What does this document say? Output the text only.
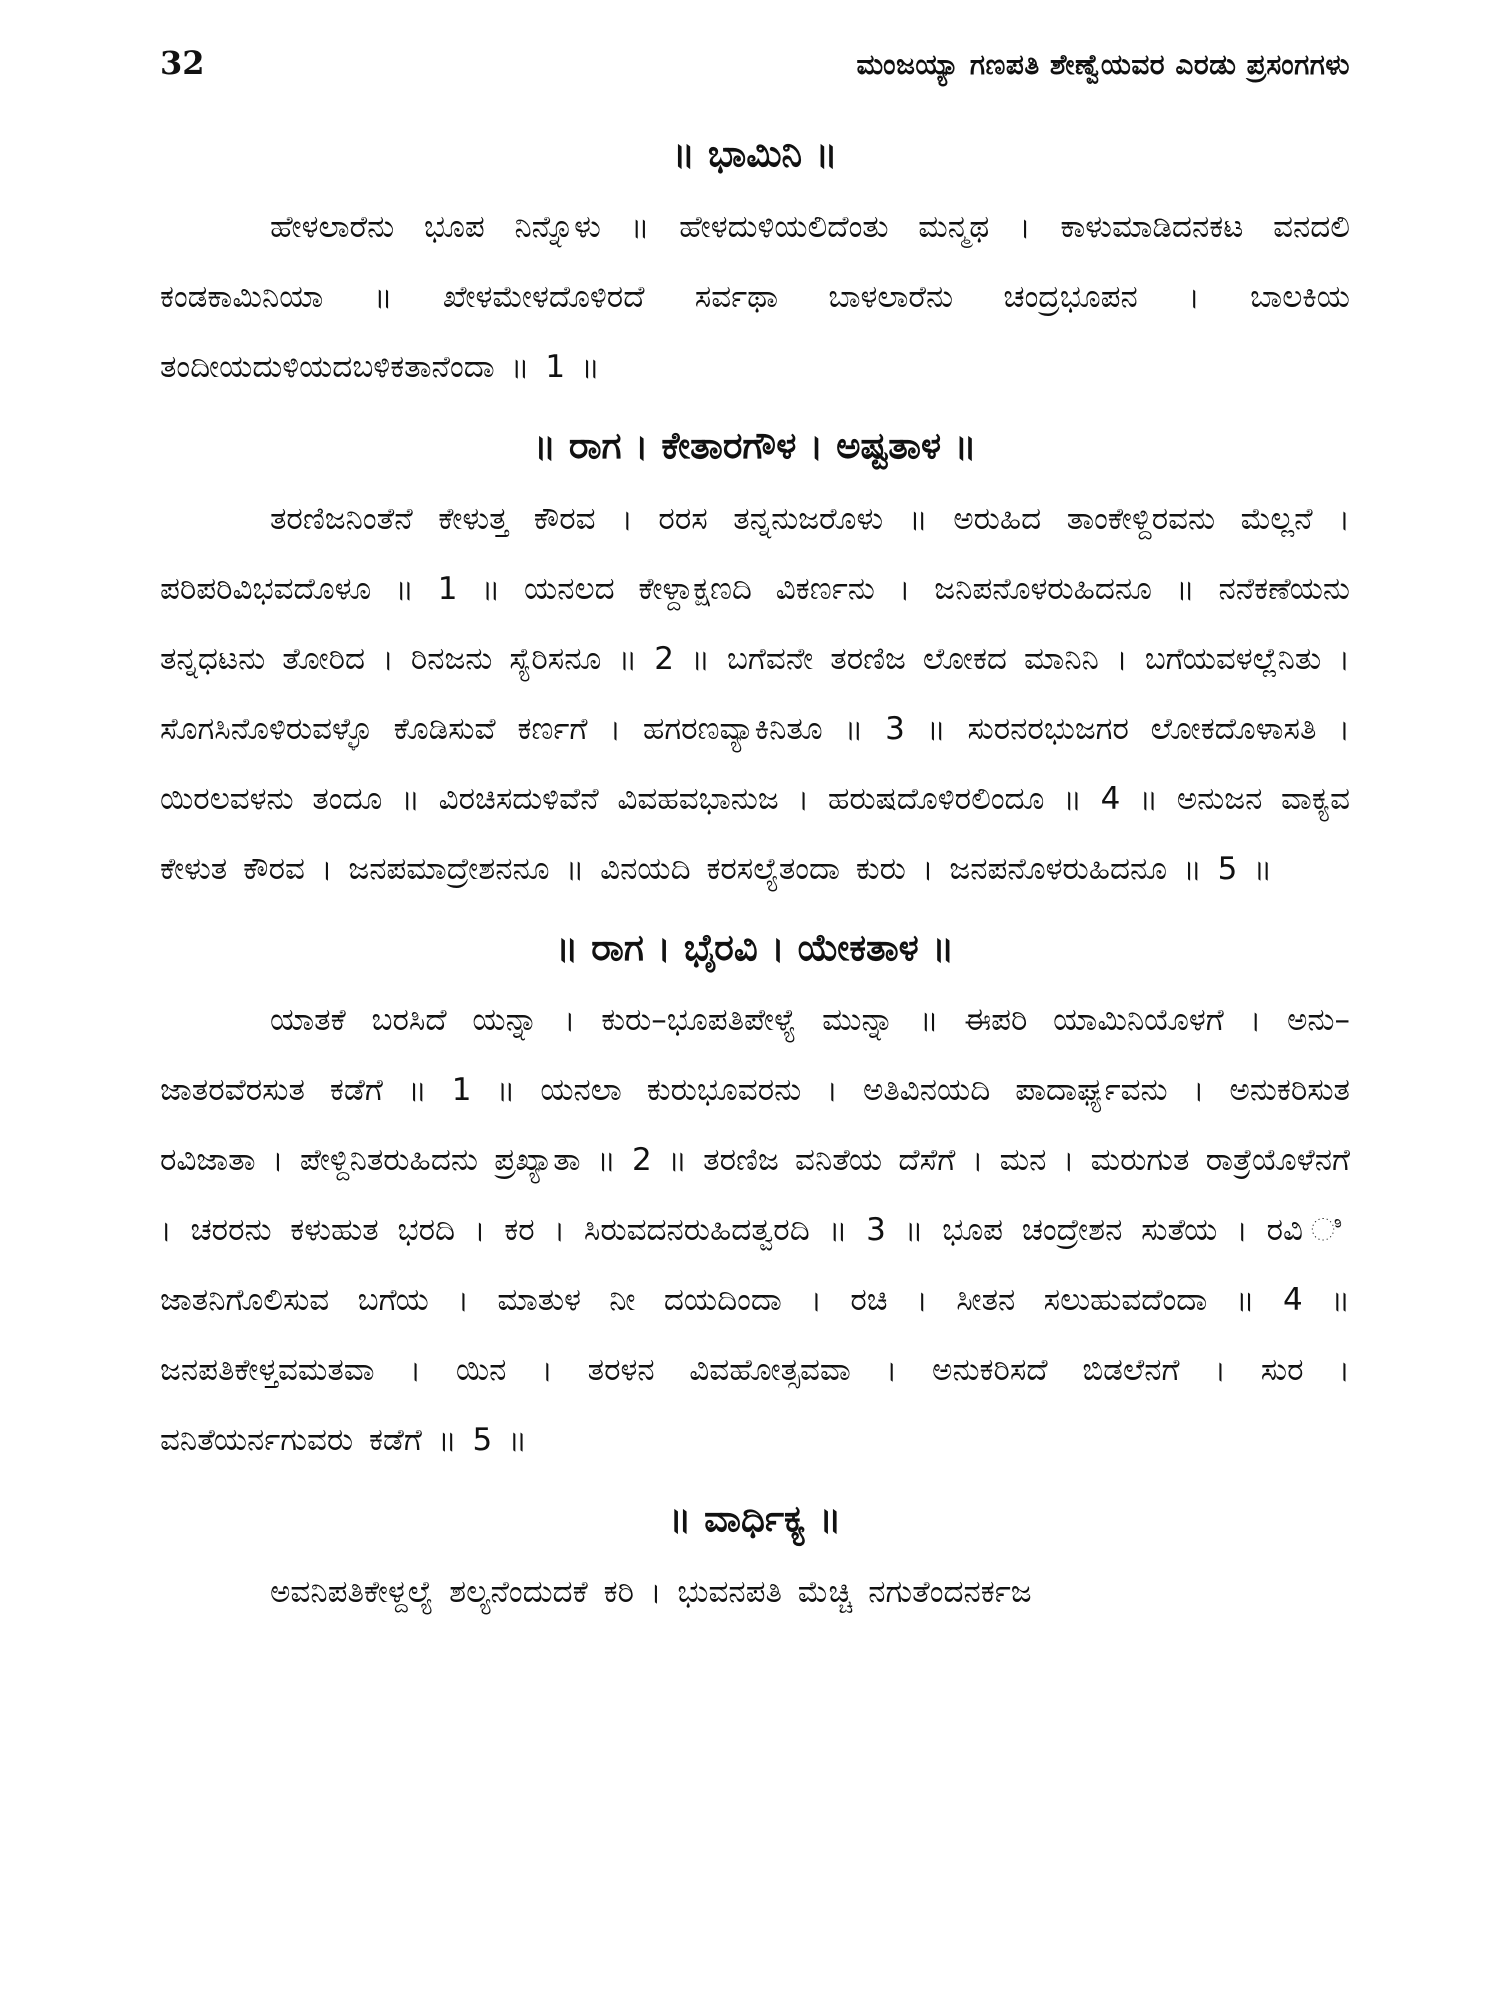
32	ಮಂಜಯ್ಯಾ ಗಣಪತಿ ಶೇಣ್ವೆಯವರ ಎರಡು ಪ್ರಸಂಗಗಳು
॥ ಭಾಮಿನಿ ॥

ಹೇಳಲಾರೆನು ಭೂಪ ನಿನ್ನೊಳು ॥ ಹೇಳದುಳಿಯಲಿದೆಂತು ಮನ್ಮಥ । ಕಾಳುಮಾಡಿದನಕಟ ವನದಲಿ ಕಂಡಕಾಮಿನಿಯಾ ॥ ಖೇಳಮೇಳದೊಳಿರದೆ ಸರ್ವಥಾ ಬಾಳಲಾರೆನು ಚಂದ್ರಭೂಪನ । ಬಾಲಕಿಯ ತಂದೀಯದುಳಿಯದಬಳಿಕತಾನೆಂದಾ ॥ 1 ॥

॥ ರಾಗ । ಕೇತಾರಗೌಳ । ಅಷ್ಟತಾಳ ॥

ತರಣಿಜನಿಂತೆನೆ ಕೇಳುತ್ತ ಕೌರವ । ರರಸ ತನ್ನನುಜರೊಳು ॥ ಅರುಹಿದ ತಾಂಕೇಳ್ದಿರವನು ಮೆಲ್ಲನೆ । ಪರಿಪರಿವಿಭವದೊಳೂ ॥ 1 ॥ ಯನಲದ ಕೇಳ್ದಾಕ್ಷಣದಿ ವಿಕರ್ಣನು । ಜನಿಪನೊಳರುಹಿದನೂ ॥ ನನೆಕಣೆಯನು ತನ್ನಧಟನು ತೋರಿದ । ರಿನಜನು ಸ್ಯೆರಿಸನೂ ॥ 2 ॥ ಬಗೆವನೇ ತರಣಿಜ ಲೋಕದ ಮಾನಿನಿ । ಬಗೆಯವಳಲ್ಲೆನಿತು । ಸೊಗಸಿನೊಳಿರುವಳ್ಳೊ ಕೊಡಿಸುವೆ ಕರ್ಣಗೆ । ಹಗರಣವ್ಯಾಕಿನಿತೂ ॥ 3 ॥ ಸುರನರಭುಜಗರ ಲೋಕದೊಳಾಸತಿ । ಯಿರಲವಳನು ತಂದೂ ॥ ವಿರಚಿಸದುಳಿವೆನೆ ವಿವಹವಭಾನುಜ । ಹರುಷದೊಳಿರಲಿಂದೂ ॥ 4 ॥ ಅನುಜನ ವಾಕ್ಯವ ಕೇಳುತ ಕೌರವ । ಜನಪಮಾದ್ರೇಶನನೂ ॥ ವಿನಯದಿ ಕರಸಲ್ಯೆತಂದಾ ಕುರು । ಜನಪನೊಳರುಹಿದನೂ ॥ 5 ॥

॥ ರಾಗ । ಭೈರವಿ । ಯೇಕತಾಳ ॥

ಯಾತಕೆ ಬರಸಿದೆ ಯನ್ನಾ । ಕುರು–ಭೂಪತಿಪೇಳ್ಯೆ ಮುನ್ನಾ ॥ ಈಪರಿ ಯಾಮಿನಿಯೊಳಗೆ । ಅನು–ಜಾತರವೆರಸುತ ಕಡೆಗೆ ॥ 1 ॥ ಯನಲಾ ಕುರುಭೂವರನು । ಅತಿವಿನಯದಿ ಪಾದಾರ್ಘ್ಯವನು । ಅನುಕರಿಸುತ ರವಿಜಾತಾ । ಪೇಳ್ದಿನಿತರುಹಿದನು ಪ್ರಖ್ಯಾತಾ ॥ 2 ॥ ತರಣಿಜ ವನಿತೆಯ ದೆಸೆಗೆ । ಮನ । ಮರುಗುತ ರಾತ್ರೆಯೊಳೆನಗೆ । ಚರರನು ಕಳುಹುತ ಭರದಿ । ಕರ । ಸಿರುವದನರುಹಿದತ್ವರದಿ ॥ 3 ॥ ಭೂಪ ಚಂದ್ರೇಶನ ಸುತೆಯ । ರವಿ ಿ ಜಾತನಿಗೊಲಿಸುವ ಬಗೆಯ । ಮಾತುಳ ನೀ ದಯದಿಂದಾ । ರಚಿ । ಸೀತನ ಸಲುಹುವದೆಂದಾ ॥ 4 ॥ ಜನಪತಿಕೇಳ್ತವಮತವಾ । ಯಿನ । ತರಳನ ವಿವಹೋತ್ಸವವಾ । ಅನುಕರಿಸದೆ ಬಿಡಲೆನಗೆ । ಸುರ । ವನಿತೆಯರ್ನಗುವರು ಕಡೆಗೆ ॥ 5 ॥

॥ ವಾರ್ಧಿಕ್ಯ ॥

ಅವನಿಪತಿಕೇಳ್ದಲ್ಯೆ ಶಲ್ಯನೆಂದುದಕೆ ಕರಿ । ಭುವನಪತಿ ಮೆಚ್ಚಿ ನಗುತೆಂದನರ್ಕಜ
